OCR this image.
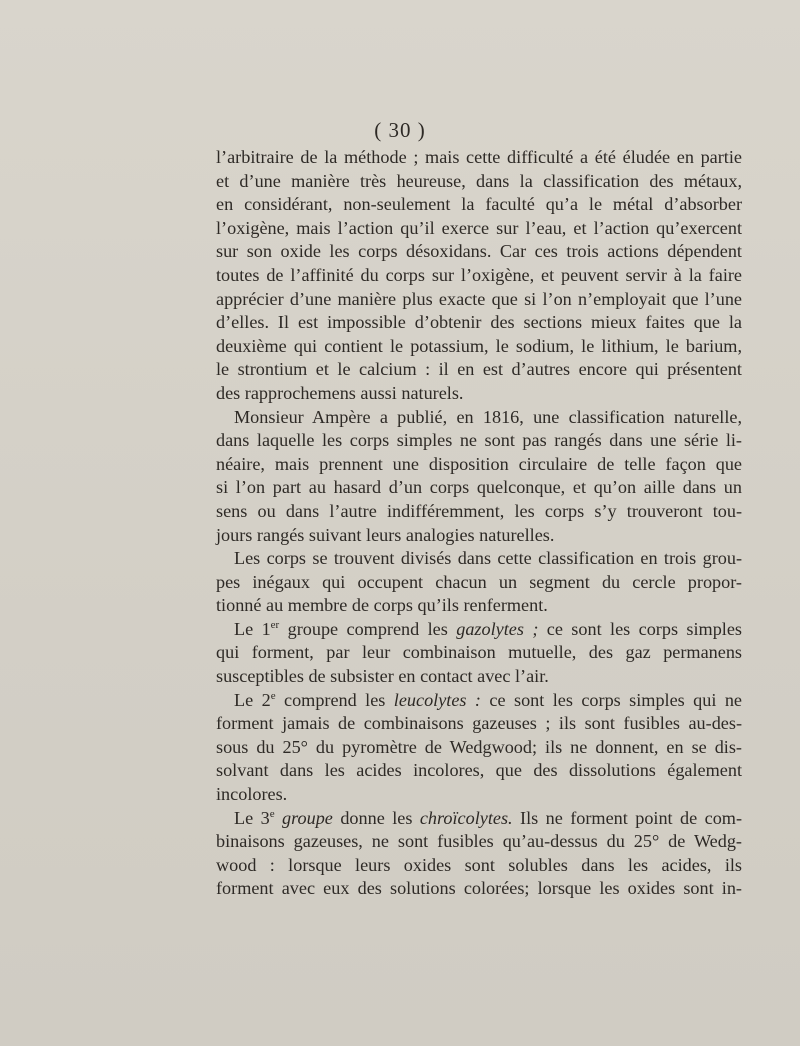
( 30 )
l’arbitraire de la méthode ; mais cette difficulté a été éludée en partie
et d’une manière très heureuse, dans la classification des métaux,
en considérant, non-seulement la faculté qu’a le métal d’absorber
l’oxigène, mais l’action qu’il exerce sur l’eau, et l’action qu’exercent
sur son oxide les corps désoxidans. Car ces trois actions dépendent
toutes de l’affinité du corps sur l’oxigène, et peuvent servir à la faire
apprécier d’une manière plus exacte que si l’on n’employait que l’une
d’elles. Il est impossible d’obtenir des sections mieux faites que la
deuxième qui contient le potassium, le sodium, le lithium, le barium,
le strontium et le calcium : il en est d’autres encore qui présentent
des rapprochemens aussi naturels.
Monsieur Ampère a publié, en 1816, une classification naturelle,
dans laquelle les corps simples ne sont pas rangés dans une série li-
néaire, mais prennent une disposition circulaire de telle façon que
si l’on part au hasard d’un corps quelconque, et qu’on aille dans un
sens ou dans l’autre indifféremment, les corps s’y trouveront tou-
jours rangés suivant leurs analogies naturelles.
Les corps se trouvent divisés dans cette classification en trois grou-
pes inégaux qui occupent chacun un segment du cercle propor-
tionné au membre de corps qu’ils renferment.
Le 1er groupe comprend les gazolytes ; ce sont les corps simples
qui forment, par leur combinaison mutuelle, des gaz permanens
susceptibles de subsister en contact avec l’air.
Le 2e comprend les leucolytes : ce sont les corps simples qui ne
forment jamais de combinaisons gazeuses ; ils sont fusibles au-des-
sous du 25° du pyromètre de Wedgwood; ils ne donnent, en se dis-
solvant dans les acides incolores, que des dissolutions également
incolores.
Le 3e groupe donne les chroïcolytes. Ils ne forment point de com-
binaisons gazeuses, ne sont fusibles qu’au-dessus du 25° de Wedg-
wood : lorsque leurs oxides sont solubles dans les acides, ils
forment avec eux des solutions colorées; lorsque les oxides sont in-
